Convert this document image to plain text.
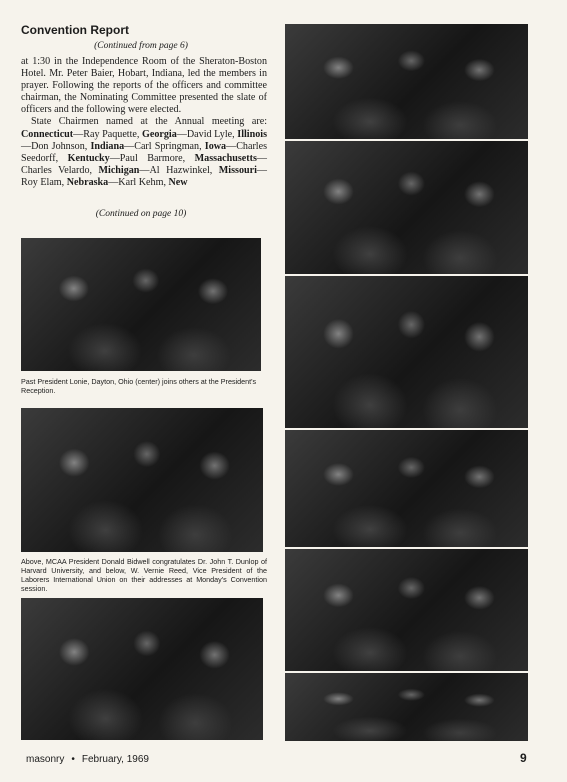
Convention Report
(Continued from page 6)

at 1:30 in the Independence Room of the Sheraton-Boston Hotel. Mr. Peter Baier, Hobart, Indiana, led the members in prayer. Following the reports of the officers and committee chairman, the Nominating Committee presented the slate of officers and the following were elected.

State Chairmen named at the Annual meeting are: Connecticut—Ray Paquette, Georgia—David Lyle, Illinois—Don Johnson, Indiana—Carl Springman, Iowa—Charles Seedorff, Kentucky—Paul Barmore, Massachusetts—Charles Velardo, Michigan—Al Hazwinkel, Missouri—Roy Elam, Nebraska—Karl Kehm, New

(Continued on page 10)
Past President Lonie, Dayton, Ohio (center) joins others at the President's Reception.
Above, MCAA President Donald Bidwell congratulates Dr. John T. Dunlop of Harvard University, and below, W. Vernie Reed, Vice President of the Laborers International Union on their addresses at Monday's Convention session.
masonry • February, 1969	9
